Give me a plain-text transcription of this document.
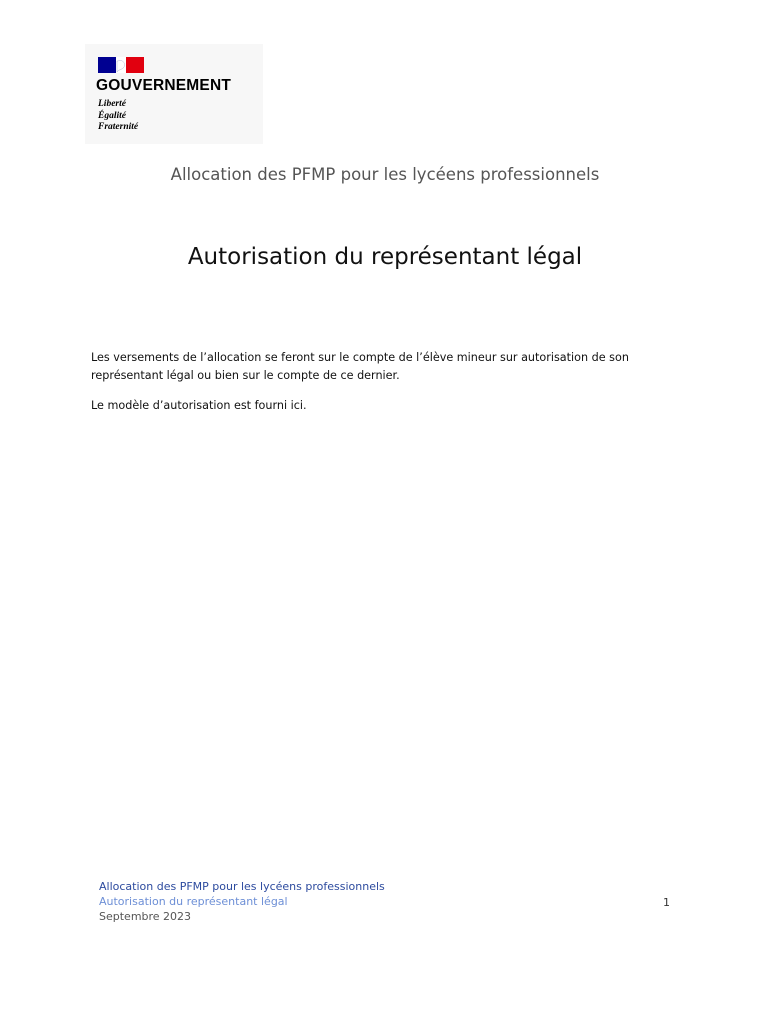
GOUVERNEMENT
Liberté
Égalité
Fraternité
Allocation des PFMP pour les lycéens professionnels
Autorisation du représentant légal

Les versements de l’allocation se feront sur le compte de l’élève mineur sur autorisation de son représentant légal ou bien sur le compte de ce dernier.

Le modèle d’autorisation est fourni ici.

Allocation des PFMP pour les lycéens professionnels
Autorisation du représentant légal
Septembre 2023
1
